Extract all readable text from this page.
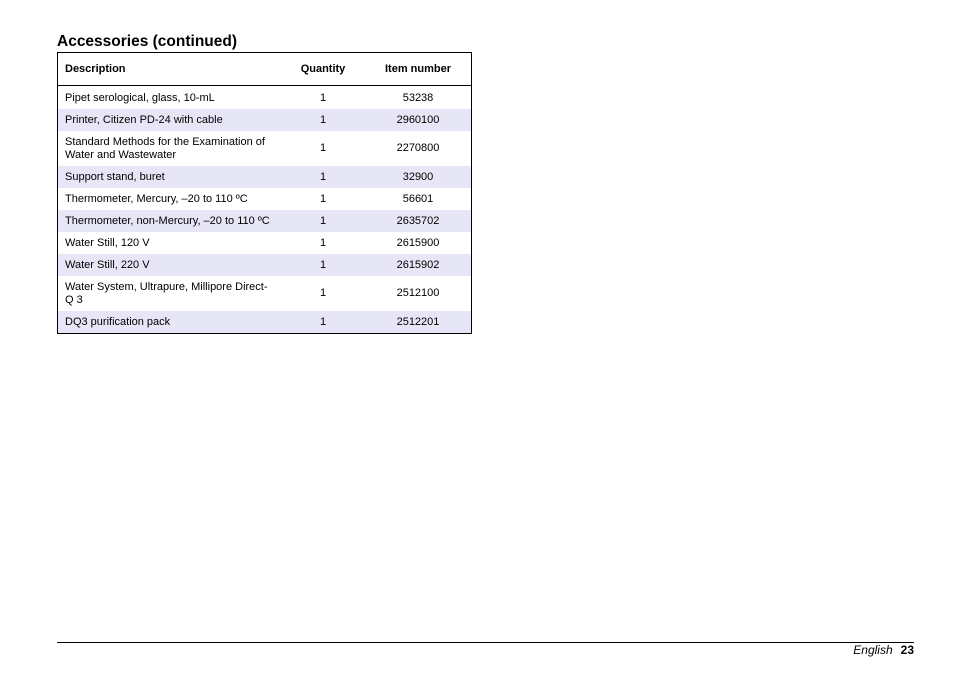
Accessories (continued)
Description	Quantity	Item number

Pipet serological, glass, 10-mL	1	53238
Printer, Citizen PD-24 with cable	1	2960100
Standard Methods for the Examination of Water and Wastewater	1	2270800
Support stand, buret	1	32900
Thermometer, Mercury, –20 to 110 ºC	1	56601
Thermometer, non-Mercury, –20 to 110 ºC	1	2635702
Water Still, 120 V	1	2615900
Water Still, 220 V	1	2615902
Water System, Ultrapure, Millipore Direct-Q 3	1	2512100
DQ3 purification pack	1	2512201
English 23
